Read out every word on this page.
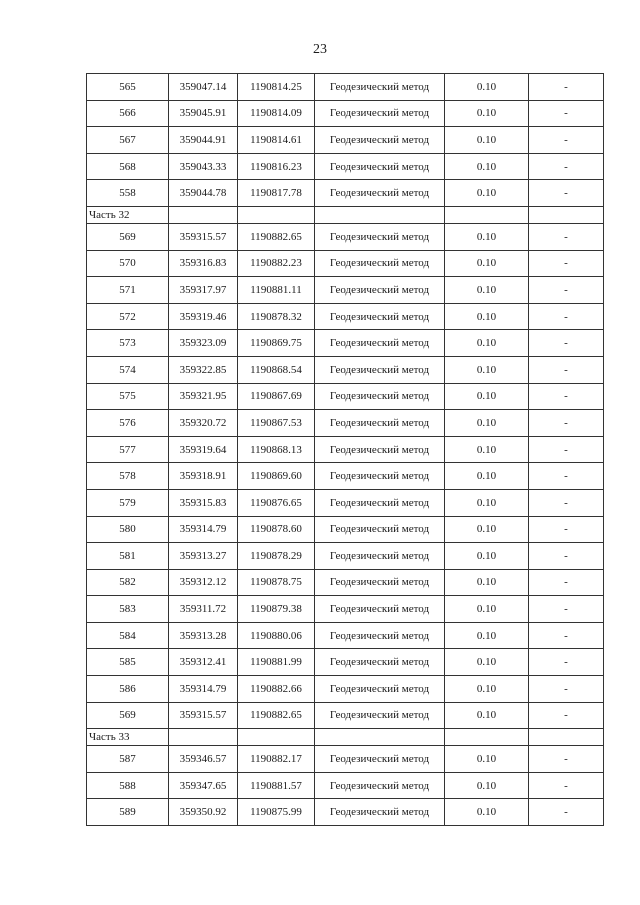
23
565	359047.14	1190814.25	Геодезический метод	0.10	-
566	359045.91	1190814.09	Геодезический метод	0.10	-
567	359044.91	1190814.61	Геодезический метод	0.10	-
568	359043.33	1190816.23	Геодезический метод	0.10	-
558	359044.78	1190817.78	Геодезический метод	0.10	-
Часть 32					
569	359315.57	1190882.65	Геодезический метод	0.10	-
570	359316.83	1190882.23	Геодезический метод	0.10	-
571	359317.97	1190881.11	Геодезический метод	0.10	-
572	359319.46	1190878.32	Геодезический метод	0.10	-
573	359323.09	1190869.75	Геодезический метод	0.10	-
574	359322.85	1190868.54	Геодезический метод	0.10	-
575	359321.95	1190867.69	Геодезический метод	0.10	-
576	359320.72	1190867.53	Геодезический метод	0.10	-
577	359319.64	1190868.13	Геодезический метод	0.10	-
578	359318.91	1190869.60	Геодезический метод	0.10	-
579	359315.83	1190876.65	Геодезический метод	0.10	-
580	359314.79	1190878.60	Геодезический метод	0.10	-
581	359313.27	1190878.29	Геодезический метод	0.10	-
582	359312.12	1190878.75	Геодезический метод	0.10	-
583	359311.72	1190879.38	Геодезический метод	0.10	-
584	359313.28	1190880.06	Геодезический метод	0.10	-
585	359312.41	1190881.99	Геодезический метод	0.10	-
586	359314.79	1190882.66	Геодезический метод	0.10	-
569	359315.57	1190882.65	Геодезический метод	0.10	-
Часть 33					
587	359346.57	1190882.17	Геодезический метод	0.10	-
588	359347.65	1190881.57	Геодезический метод	0.10	-
589	359350.92	1190875.99	Геодезический метод	0.10	-
